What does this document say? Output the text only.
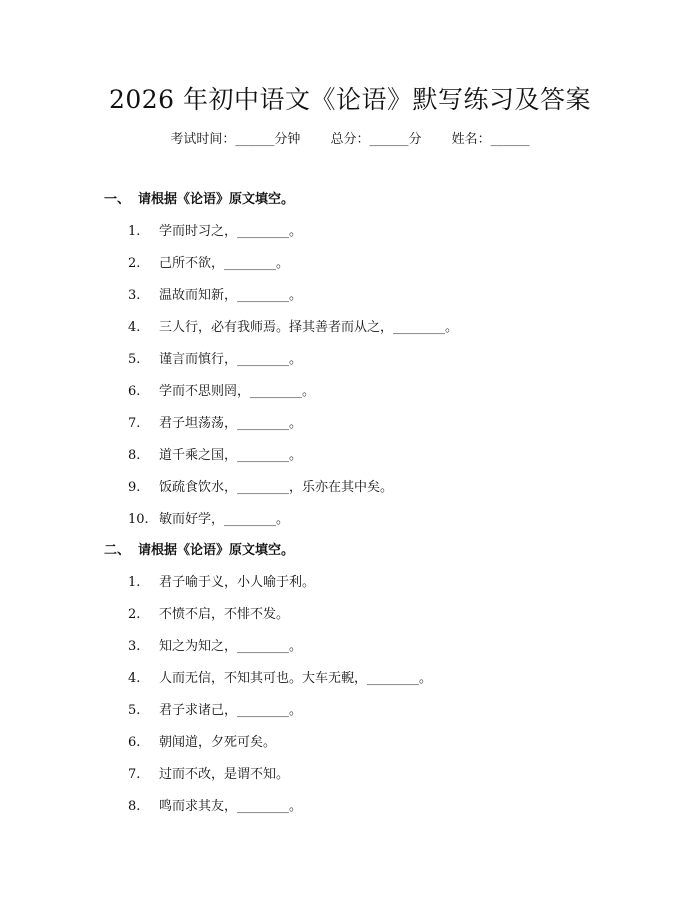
2026 年初中语文《论语》默写练习及答案
考试时间：______分钟 总分：______分 姓名：______
一、 请根据《论语》原文填空。
1. 学而时习之，________。
2. 己所不欲，________。
3. 温故而知新，________。
4. 三人行，必有我师焉。择其善者而从之，________。
5. 谨言而慎行，________。
6. 学而不思则罔，________。
7. 君子坦荡荡，________。
8. 道千乘之国，________。
9. 饭疏食饮水，________，乐亦在其中矣。
10. 敏而好学，________。
二、 请根据《论语》原文填空。
1. 君子喻于义，小人喻于利。
2. 不愤不启，不悱不发。
3. 知之为知之，________。
4. 人而无信，不知其可也。大车无輗，________。
5. 君子求诸己，________。
6. 朝闻道，夕死可矣。
7. 过而不改，是谓不知。
8. 鸣而求其友，________。
